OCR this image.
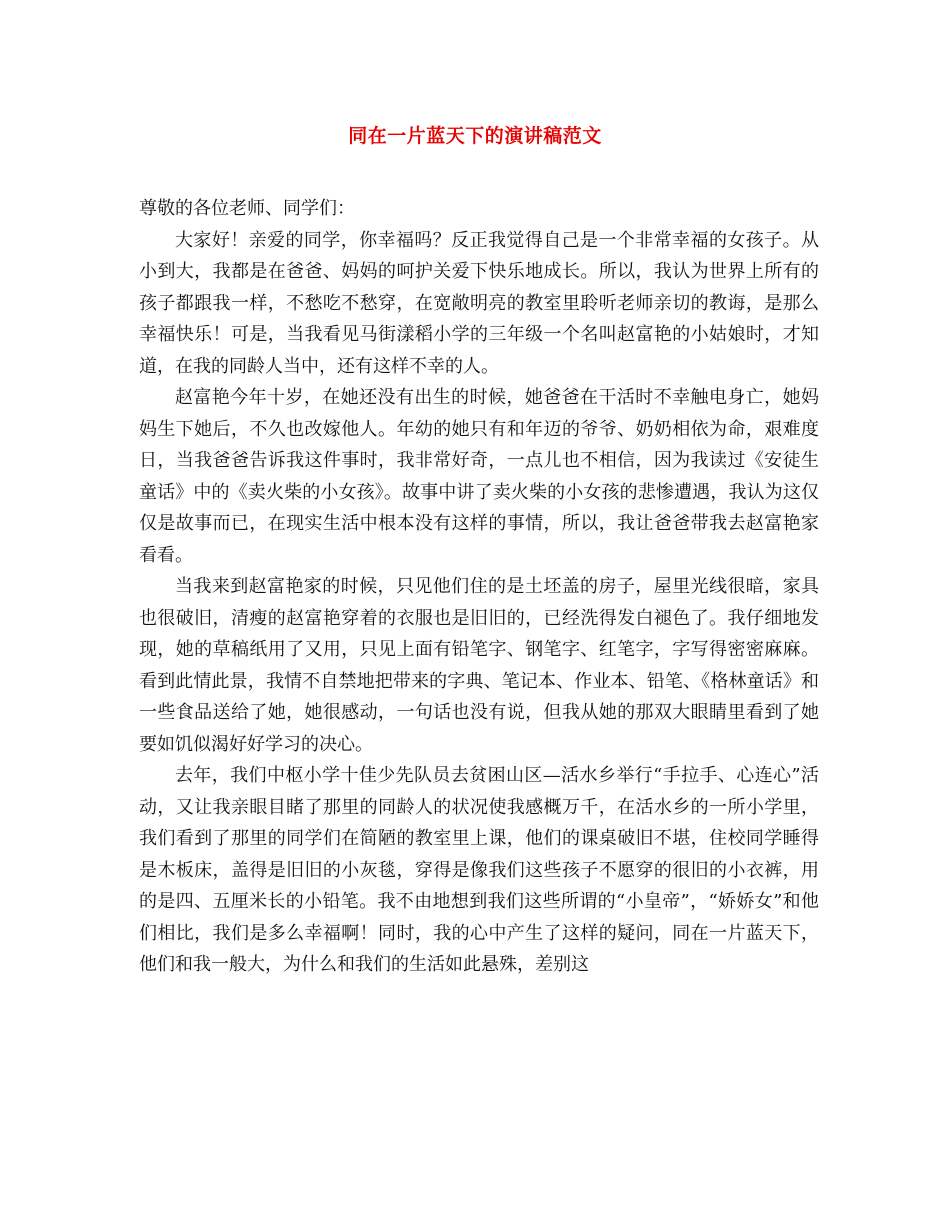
同在一片蓝天下的演讲稿范文

尊敬的各位老师、同学们：

大家好！亲爱的同学，你幸福吗？反正我觉得自己是一个非常幸福的女孩子。从小到大，我都是在爸爸、妈妈的呵护关爱下快乐地成长。所以，我认为世界上所有的孩子都跟我一样，不愁吃不愁穿，在宽敞明亮的教室里聆听老师亲切的教诲，是那么幸福快乐！可是，当我看见马街漾稻小学的三年级一个名叫赵富艳的小姑娘时，才知道，在我的同龄人当中，还有这样不幸的人。

赵富艳今年十岁，在她还没有出生的时候，她爸爸在干活时不幸触电身亡，她妈妈生下她后，不久也改嫁他人。年幼的她只有和年迈的爷爷、奶奶相依为命，艰难度日，当我爸爸告诉我这件事时，我非常好奇，一点儿也不相信，因为我读过《安徒生童话》中的《卖火柴的小女孩》。故事中讲了卖火柴的小女孩的悲惨遭遇，我认为这仅仅是故事而已，在现实生活中根本没有这样的事情，所以，我让爸爸带我去赵富艳家看看。

当我来到赵富艳家的时候，只见他们住的是土坯盖的房子，屋里光线很暗，家具也很破旧，清瘦的赵富艳穿着的衣服也是旧旧的，已经洗得发白褪色了。我仔细地发现，她的草稿纸用了又用，只见上面有铅笔字、钢笔字、红笔字，字写得密密麻麻。看到此情此景，我情不自禁地把带来的字典、笔记本、作业本、铅笔、《格林童话》和一些食品送给了她，她很感动，一句话也没有说，但我从她的那双大眼睛里看到了她要如饥似渴好好学习的决心。

去年，我们中枢小学十佳少先队员去贫困山区—活水乡举行“手拉手、心连心”活动，又让我亲眼目睹了那里的同龄人的状况使我感概万千，在活水乡的一所小学里，我们看到了那里的同学们在简陋的教室里上课，他们的课桌破旧不堪，住校同学睡得是木板床，盖得是旧旧的小灰毯，穿得是像我们这些孩子不愿穿的很旧的小衣裤，用的是四、五厘米长的小铅笔。我不由地想到我们这些所谓的“小皇帝”，“娇娇女”和他们相比，我们是多么幸福啊！同时，我的心中产生了这样的疑问，同在一片蓝天下，他们和我一般大，为什么和我们的生活如此悬殊，差别这
